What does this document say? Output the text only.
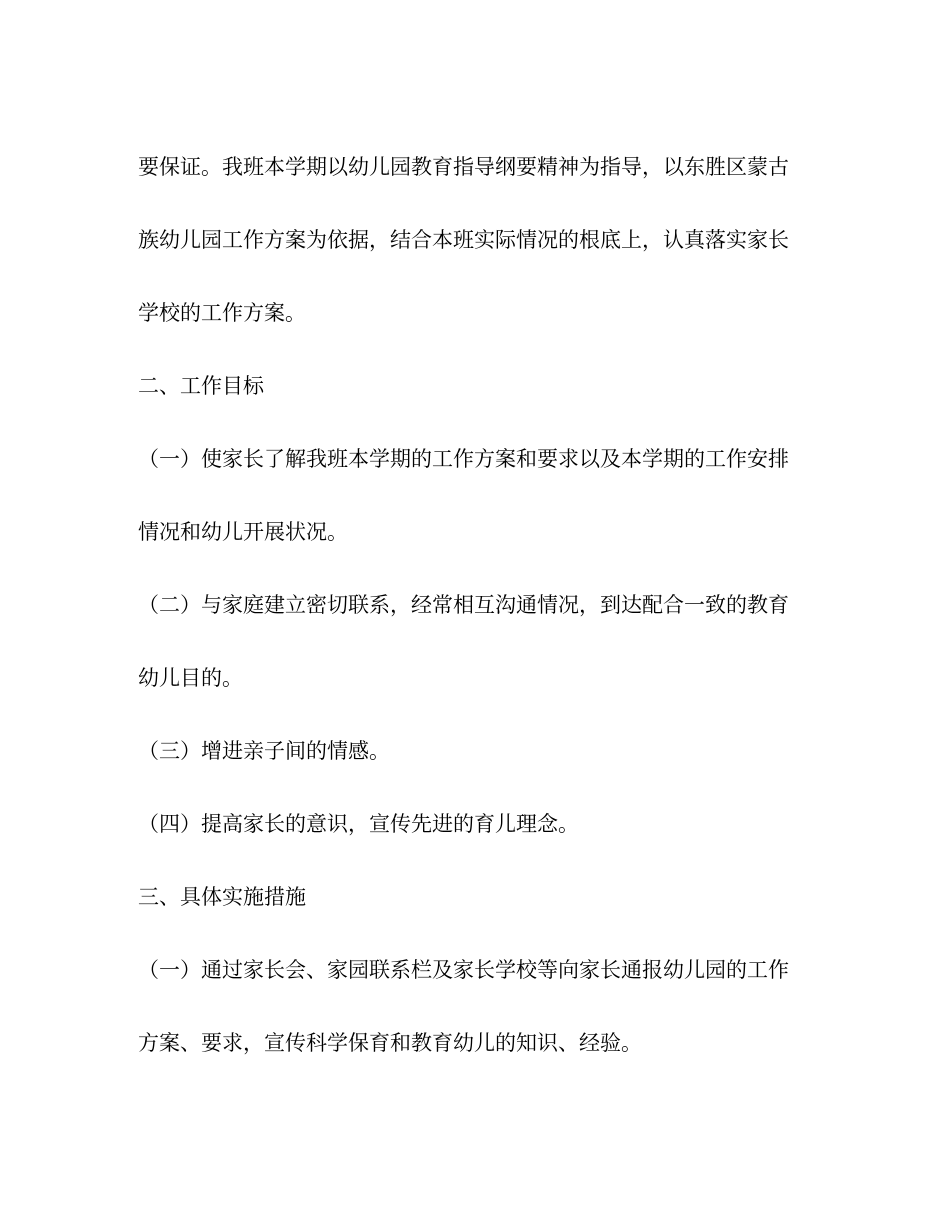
要保证。我班本学期以幼儿园教育指导纲要精神为指导，以东胜区蒙古
族幼儿园工作方案为依据，结合本班实际情况的根底上，认真落实家长
学校的工作方案。
二、工作目标
（一）使家长了解我班本学期的工作方案和要求以及本学期的工作安排
情况和幼儿开展状况。
（二）与家庭建立密切联系，经常相互沟通情况，到达配合一致的教育
幼儿目的。
（三）增进亲子间的情感。
（四）提高家长的意识，宣传先进的育儿理念。
三、具体实施措施
（一）通过家长会、家园联系栏及家长学校等向家长通报幼儿园的工作
方案、要求，宣传科学保育和教育幼儿的知识、经验。
